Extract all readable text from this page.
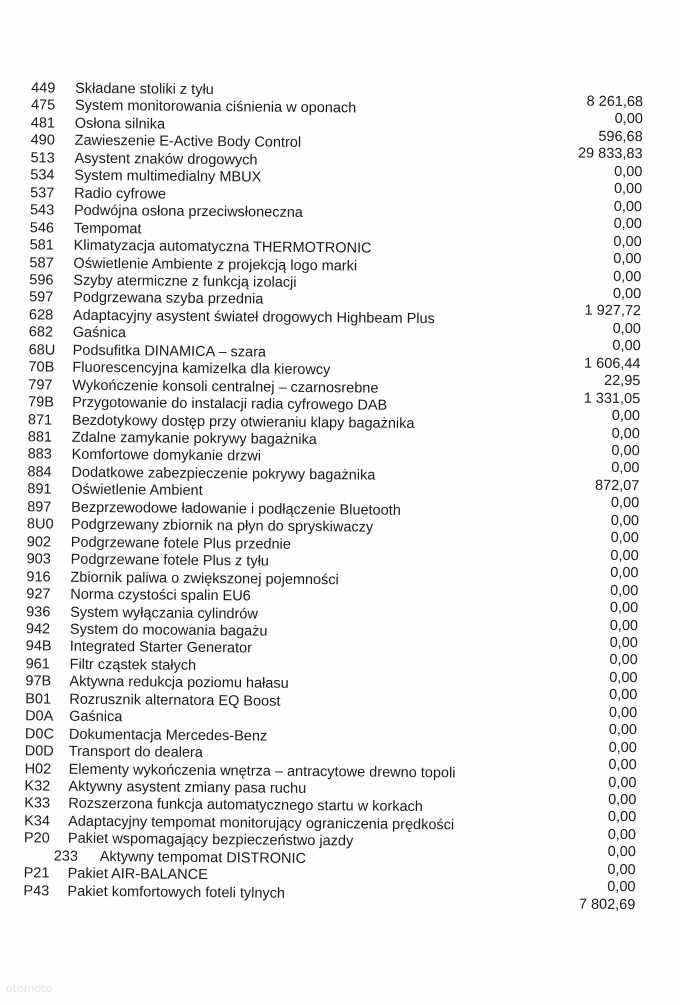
449 Składane stoliki z tyłu
8 261,68
475 System monitorowania ciśnienia w oponach
0,00
481 Osłona silnika
596,68
490 Zawieszenie E-Active Body Control
29 833,83
513 Asystent znaków drogowych
0,00
534 System multimedialny MBUX
0,00
537 Radio cyfrowe
0,00
543 Podwójna osłona przeciwsłoneczna
0,00
546 Tempomat
0,00
581 Klimatyzacja automatyczna THERMOTRONIC
0,00
587 Oświetlenie Ambiente z projekcją logo marki
0,00
596 Szyby atermiczne z funkcją izolacji
0,00
597 Podgrzewana szyba przednia
1 927,72
628 Adaptacyjny asystent świateł drogowych Highbeam Plus
0,00
682 Gaśnica
0,00
68U Podsufitka DINAMICA – szara
1 606,44
70B Fluorescencyjna kamizelka dla kierowcy
22,95
797 Wykończenie konsoli centralnej – czarnosrebne
1 331,05
79B Przygotowanie do instalacji radia cyfrowego DAB
0,00
871 Bezdotykowy dostęp przy otwieraniu klapy bagażnika
0,00
881 Zdalne zamykanie pokrywy bagażnika
0,00
883 Komfortowe domykanie drzwi
0,00
884 Dodatkowe zabezpieczenie pokrywy bagażnika
872,07
891 Oświetlenie Ambient
0,00
897 Bezprzewodowe ładowanie i podłączenie Bluetooth
0,00
8U0 Podgrzewany zbiornik na płyn do spryskiwaczy
0,00
902 Podgrzewane fotele Plus przednie
0,00
903 Podgrzewane fotele Plus z tyłu
0,00
916 Zbiornik paliwa o zwiększonej pojemności
0,00
927 Norma czystości spalin EU6
0,00
936 System wyłączania cylindrów
0,00
942 System do mocowania bagażu
0,00
94B Integrated Starter Generator
0,00
961 Filtr cząstek stałych
0,00
97B Aktywna redukcja poziomu hałasu
0,00
B01 Rozrusznik alternatora EQ Boost
0,00
D0A Gaśnica
0,00
D0C Dokumentacja Mercedes-Benz
0,00
D0D Transport do dealera
0,00
H02 Elementy wykończenia wnętrza – antracytowe drewno topoli
0,00
K32 Aktywny asystent zmiany pasa ruchu
0,00
K33 Rozszerzona funkcja automatycznego startu w korkach
0,00
K34 Adaptacyjny tempomat monitorujący ograniczenia prędkości
0,00
P20 Pakiet wspomagający bezpieczeństwo jazdy
0,00
233 Aktywny tempomat DISTRONIC
0,00
P21 Pakiet AIR-BALANCE
0,00
P43 Pakiet komfortowych foteli tylnych
7 802,69
otomoto
